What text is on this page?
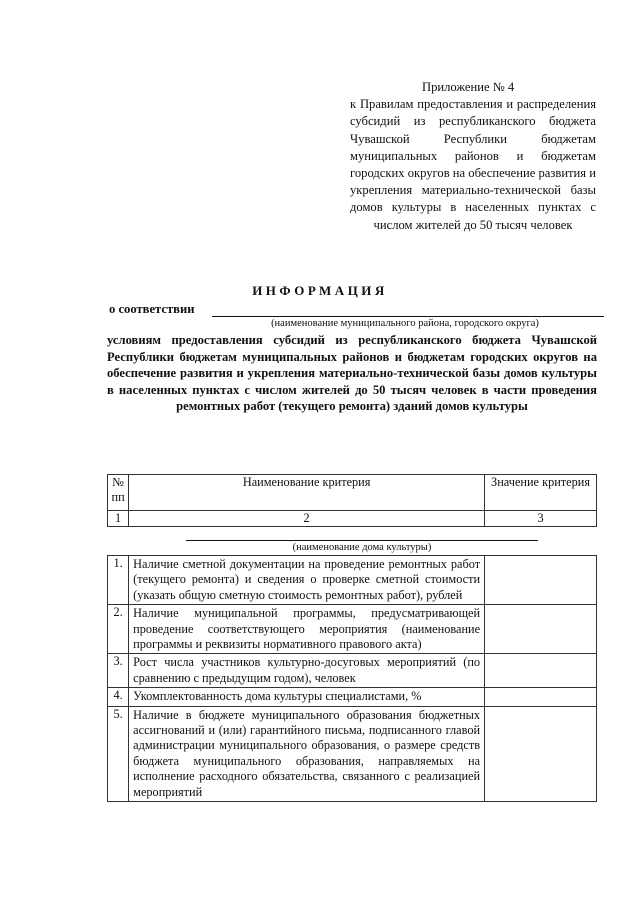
Приложение № 4
к Правилам предоставления и распределения субсидий из республиканского бюджета Чувашской Республики бюджетам муниципальных районов и бюджетам городских округов на обеспечение развития и укрепления материально-технической базы домов культуры в населенных пунктах с числом жителей до 50 тысяч человек
ИНФОРМАЦИЯ
о соответствии
(наименование муниципального района, городского округа)
условиям предоставления субсидий из республиканского бюджета Чувашской Республики бюджетам муниципальных районов и бюджетам городских округов на обеспечение развития и укрепления материально-технической базы домов культуры в населенных пунктах с числом жителей до 50 тысяч человек в части проведения ремонтных работ (текущего ремонта) зданий домов культуры
№ пп	Наименование критерия	Значение критерия
1	2	3
(наименование дома культуры)
1.	Наличие сметной документации на проведение ремонтных работ (текущего ремонта) и сведения о проверке сметной стоимости (указать общую сметную стоимость ремонтных работ), рублей	
2.	Наличие муниципальной программы, предусматривающей проведение соответствующего мероприятия (наименование программы и реквизиты нормативного правового акта)	
3.	Рост числа участников культурно-досуговых мероприятий (по сравнению с предыдущим годом), человек	
4.	Укомплектованность дома культуры специалистами, %	
5.	Наличие в бюджете муниципального образования бюджетных ассигнований и (или) гарантийного письма, подписанного главой администрации муниципального образования, о размере средств бюджета муниципального образования, направляемых на исполнение расходного обязательства, связанного с реализацией мероприятий	
